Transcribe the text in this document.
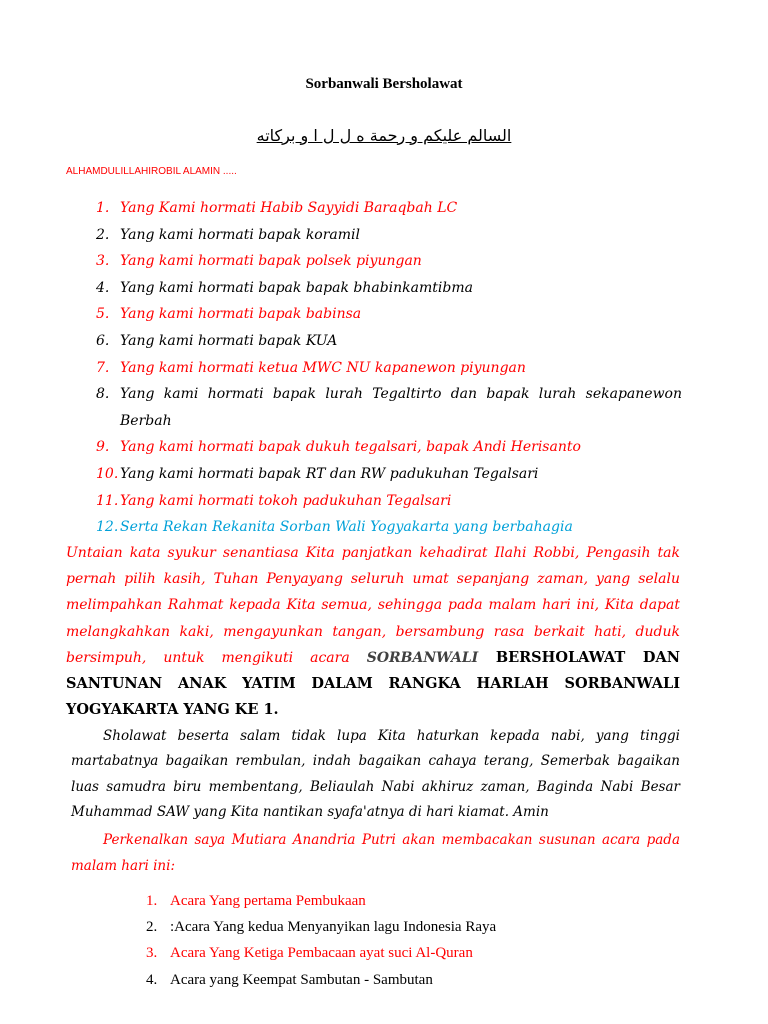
Sorbanwali Bersholawat
السالم عليكم و رحمة ه ل ل ا و بركاته
ALHAMDULILLAHIROBIL ALAMIN .....
1. Yang Kami hormati Habib Sayyidi Baraqbah LC
2. Yang kami hormati bapak koramil
3. Yang kami hormati bapak polsek piyungan
4. Yang kami hormati bapak bapak bhabinkamtibma
5. Yang kami hormati bapak babinsa
6. Yang kami hormati bapak KUA
7. Yang kami hormati ketua MWC NU kapanewon piyungan
8. Yang kami hormati bapak lurah Tegaltirto dan bapak lurah sekapanewon Berbah
9. Yang kami hormati bapak dukuh tegalsari, bapak Andi Herisanto
10. Yang kami hormati bapak RT dan RW padukuhan Tegalsari
11. Yang kami hormati tokoh padukuhan Tegalsari
12. Serta Rekan Rekanita Sorban Wali Yogyakarta yang berbahagia

Untaian kata syukur senantiasa Kita panjatkan kehadirat Ilahi Robbi, Pengasih tak pernah pilih kasih, Tuhan Penyayang seluruh umat sepanjang zaman, yang selalu melimpahkan Rahmat kepada Kita semua, sehingga pada malam hari ini, Kita dapat melangkahkan kaki, mengayunkan tangan, bersambung rasa berkait hati, duduk bersimpuh, untuk mengikuti acara SORBANWALI BERSHOLAWAT DAN SANTUNAN ANAK YATIM DALAM RANGKA HARLAH SORBANWALI YOGYAKARTA YANG KE 1.

Sholawat beserta salam tidak lupa Kita haturkan kepada nabi, yang tinggi martabatnya bagaikan rembulan, indah bagaikan cahaya terang, Semerbak bagaikan luas samudra biru membentang, Beliaulah Nabi akhiruz zaman, Baginda Nabi Besar Muhammad SAW yang Kita nantikan syafa'atnya di hari kiamat. Amin

Perkenalkan saya Mutiara Anandria Putri akan membacakan susunan acara pada malam hari ini:

1. Acara Yang pertama Pembukaan
2. :Acara Yang kedua Menyanyikan lagu Indonesia Raya
3. Acara Yang Ketiga Pembacaan ayat suci Al-Quran
4. Acara yang Keempat Sambutan - Sambutan
